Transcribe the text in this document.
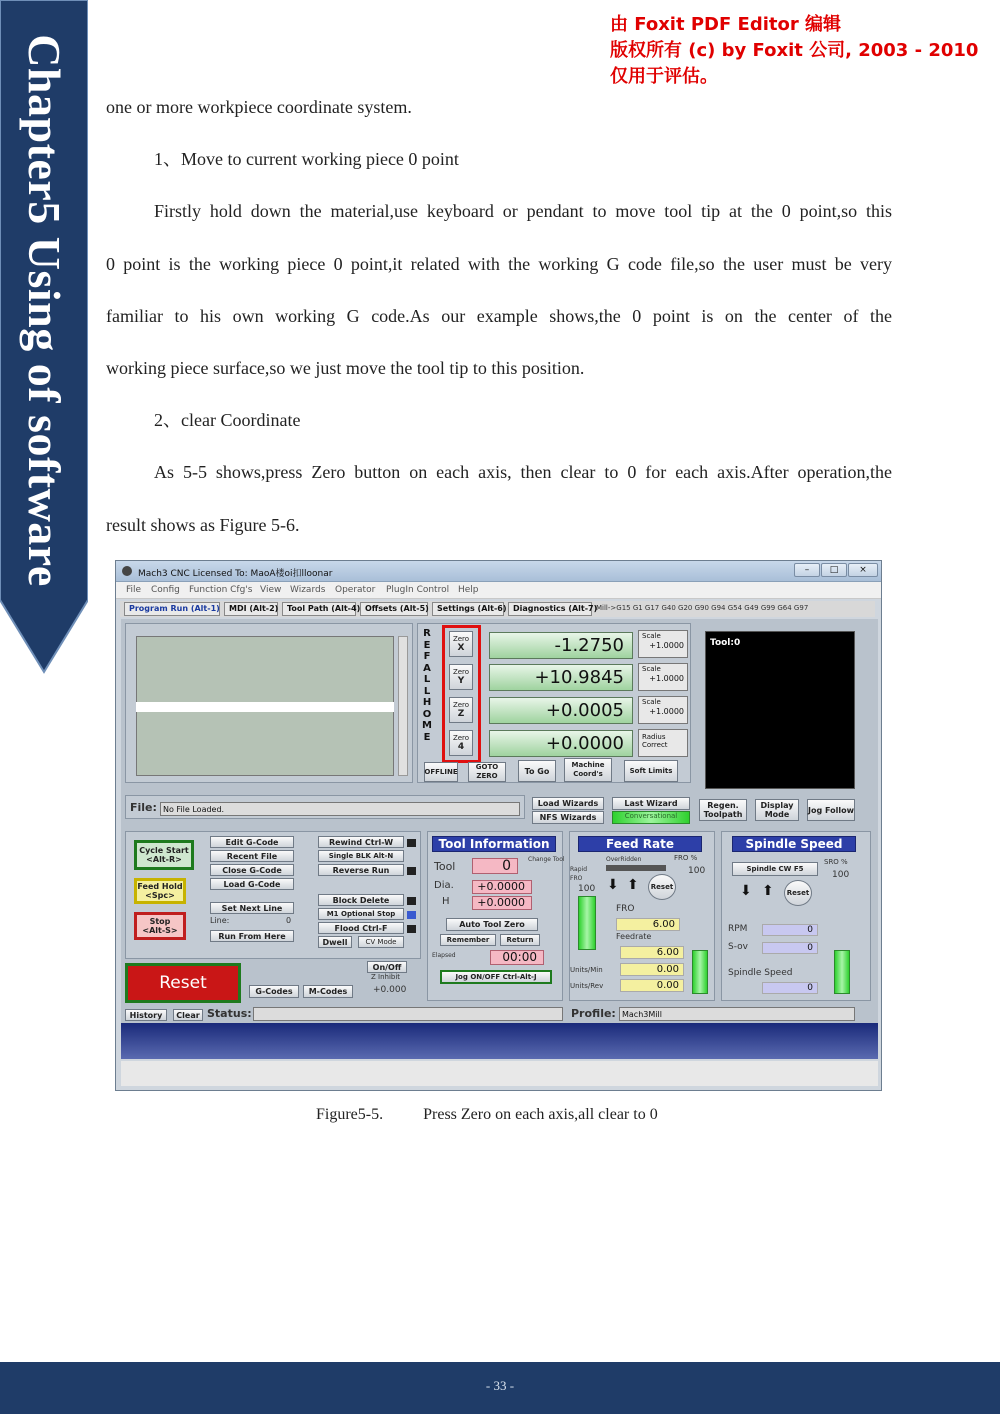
Chapter5 Using of software
由 Foxit PDF Editor 编辑
版权所有 (c) by Foxit 公司, 2003 - 2010
仅用于评估。
one or more workpiece coordinate system.
1、Move to current working piece 0 point
Firstly hold down the material,use keyboard or pendant to move tool tip at the 0 point,so this
0 point is the working piece 0 point,it related with the working G code file,so the user must be very
familiar to his own working G code.As our example shows,the 0 point is on the center of the
working piece surface,so we just move the tool tip to this position.
2、clear Coordinate
As 5-5 shows,press Zero button on each axis, then clear to 0 for each axis.After operation,the
result shows as Figure 5-6.
Mach3 CNC Licensed To: MaoA楼oi扣lloonar	–	□	×
File Config Function Cfg's View Wizards Operator PlugIn Control Help
Program Run (Alt-1)	MDI (Alt-2)	Tool Path (Alt-4) Offsets (Alt-5)	Settings (Alt-6) Diagnostics (Alt-7)
Mill->G15 G1 G17 G40 G20 G90 G94 G54 G49 G99 G64 G97
R
E
F
A
L
L
H
O
M
E
Zero
X
Zero
Y
Zero
Z
Zero
4
-1.2750
+10.9845
+0.0005
+0.0000
Scale
+1.0000
Scale
+1.0000
Scale
+1.0000
Radius Correct
OFFLINE
GOTO ZERO
To Go
Machine Coord's	Soft Limits
Tool:0
File: No File Loaded.
Load Wizards	Last Wizard
NFS Wizards	Conversational
Regen. Toolpath
Display Mode	Jog Follow
Cycle Start <Alt-R>
Feed Hold <Spc>
Stop <Alt-S>
Edit G-Code
Recent File
Close G-Code
Load G-Code
Set Next Line
Line:	0
Run From Here
Rewind Ctrl-W
Single BLK Alt-N
Reverse Run
Block Delete
M1 Optional Stop
Flood Ctrl-F
Dwell	CV Mode
Reset	G-Codes	M-Codes
On/Off
Z Inhibit
+0.000
Tool Information
Tool	0	Change Tool
Dia.	+0.0000
H	+0.0000
Auto Tool Zero
Remember	Return
Elapsed	00:00
Jog ON/OFF Ctrl-Alt-J
Feed Rate
OverRidden	FRO %
100
Rapid FRO
100 ⬇ ⬆	Reset
FRO
6.00
Feedrate
6.00
Units/Min	0.00
Units/Rev	0.00
Spindle Speed
Spindle CW F5
SRO %
100
⬇ ⬆	Reset
RPM	0
S-ov	0
Spindle Speed
0
History	Clear Status:	Profile: Mach3Mill
Figure5-5.	Press Zero on each axis,all clear to 0
- 33 -
